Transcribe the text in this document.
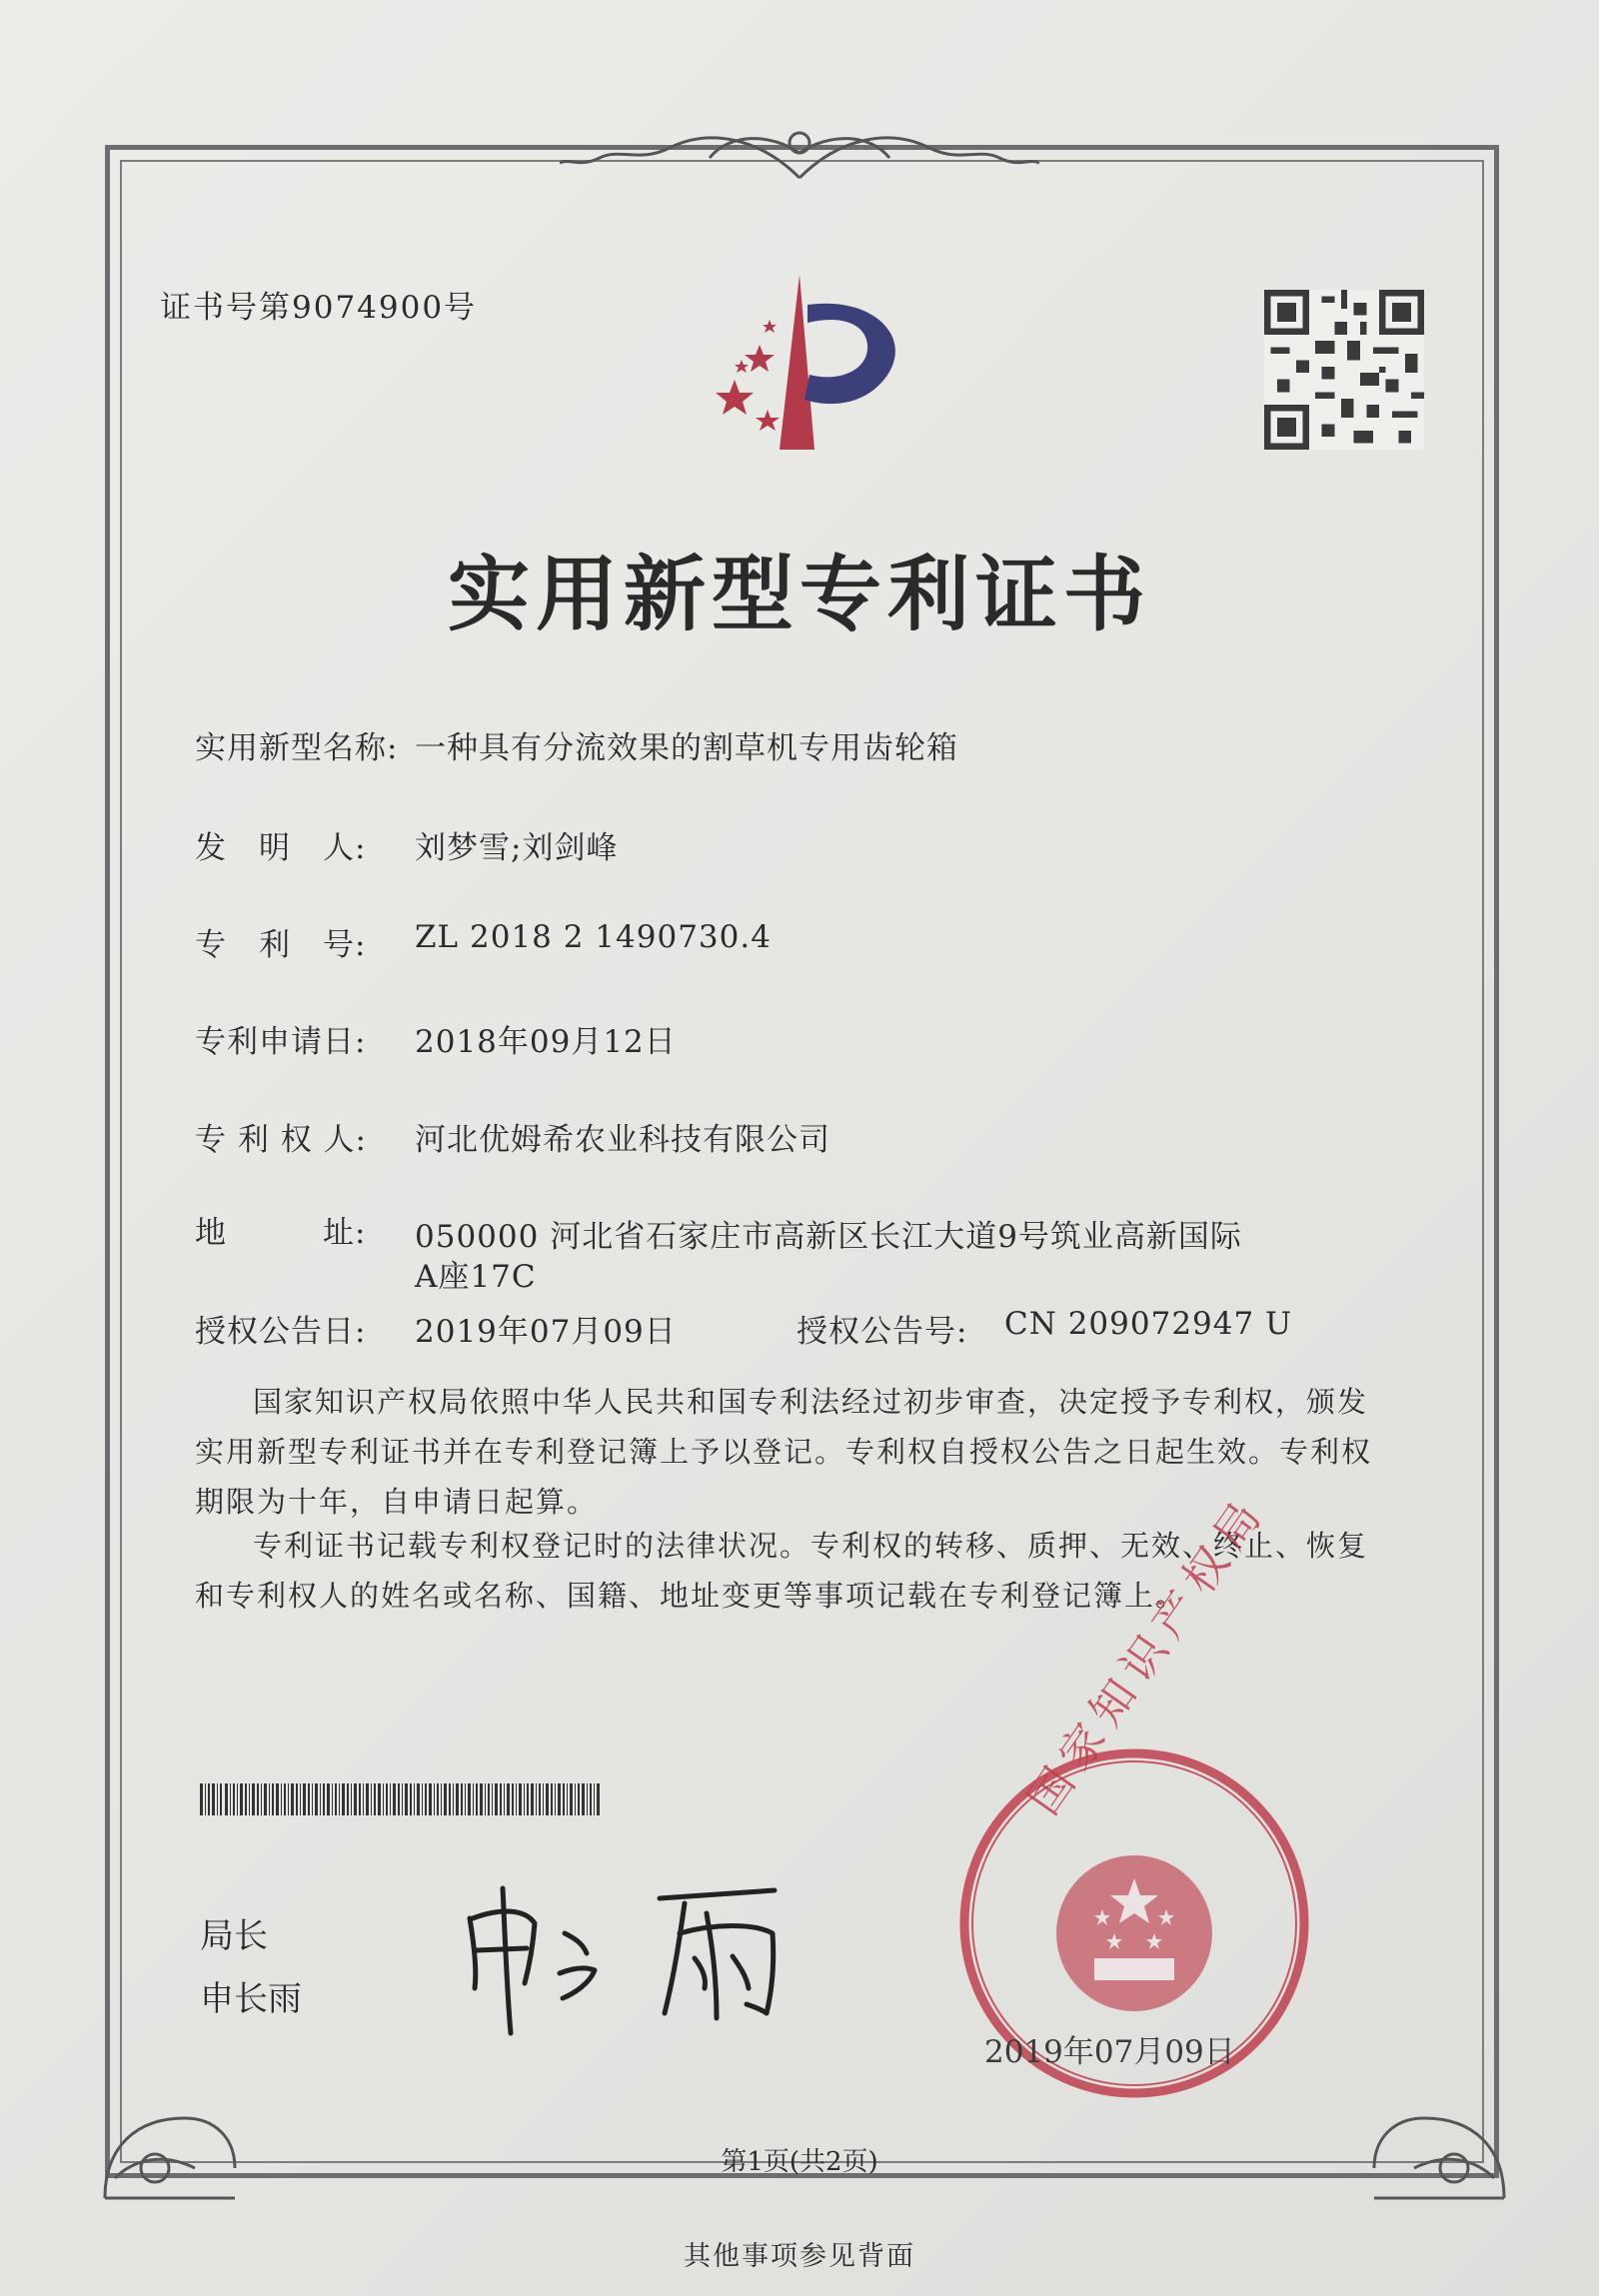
证书号第9074900号
实用新型专利证书
实用新型名称: 一种具有分流效果的割草机专用齿轮箱
发　明　人: 刘梦雪;刘剑峰
专　利　号: ZL 2018 2 1490730.4
专利申请日: 2018年09月12日
专 利 权 人: 河北优姆希农业科技有限公司
地　　　址: 050000 河北省石家庄市高新区长江大道9号筑业高新国际
A座17C
授权公告日: 2019年07月09日	授权公告号: CN 209072947 U
国家知识产权局依照中华人民共和国专利法经过初步审查，决定授予专利权，颁发实用新型专利证书并在专利登记簿上予以登记。专利权自授权公告之日起生效。专利权期限为十年，自申请日起算。
专利证书记载专利权登记时的法律状况。专利权的转移、质押、无效、终止、恢复和专利权人的姓名或名称、国籍、地址变更等事项记载在专利登记簿上。
局长
申长雨
国家知识产权局
2019年07月09日
第1页(共2页)
其他事项参见背面
